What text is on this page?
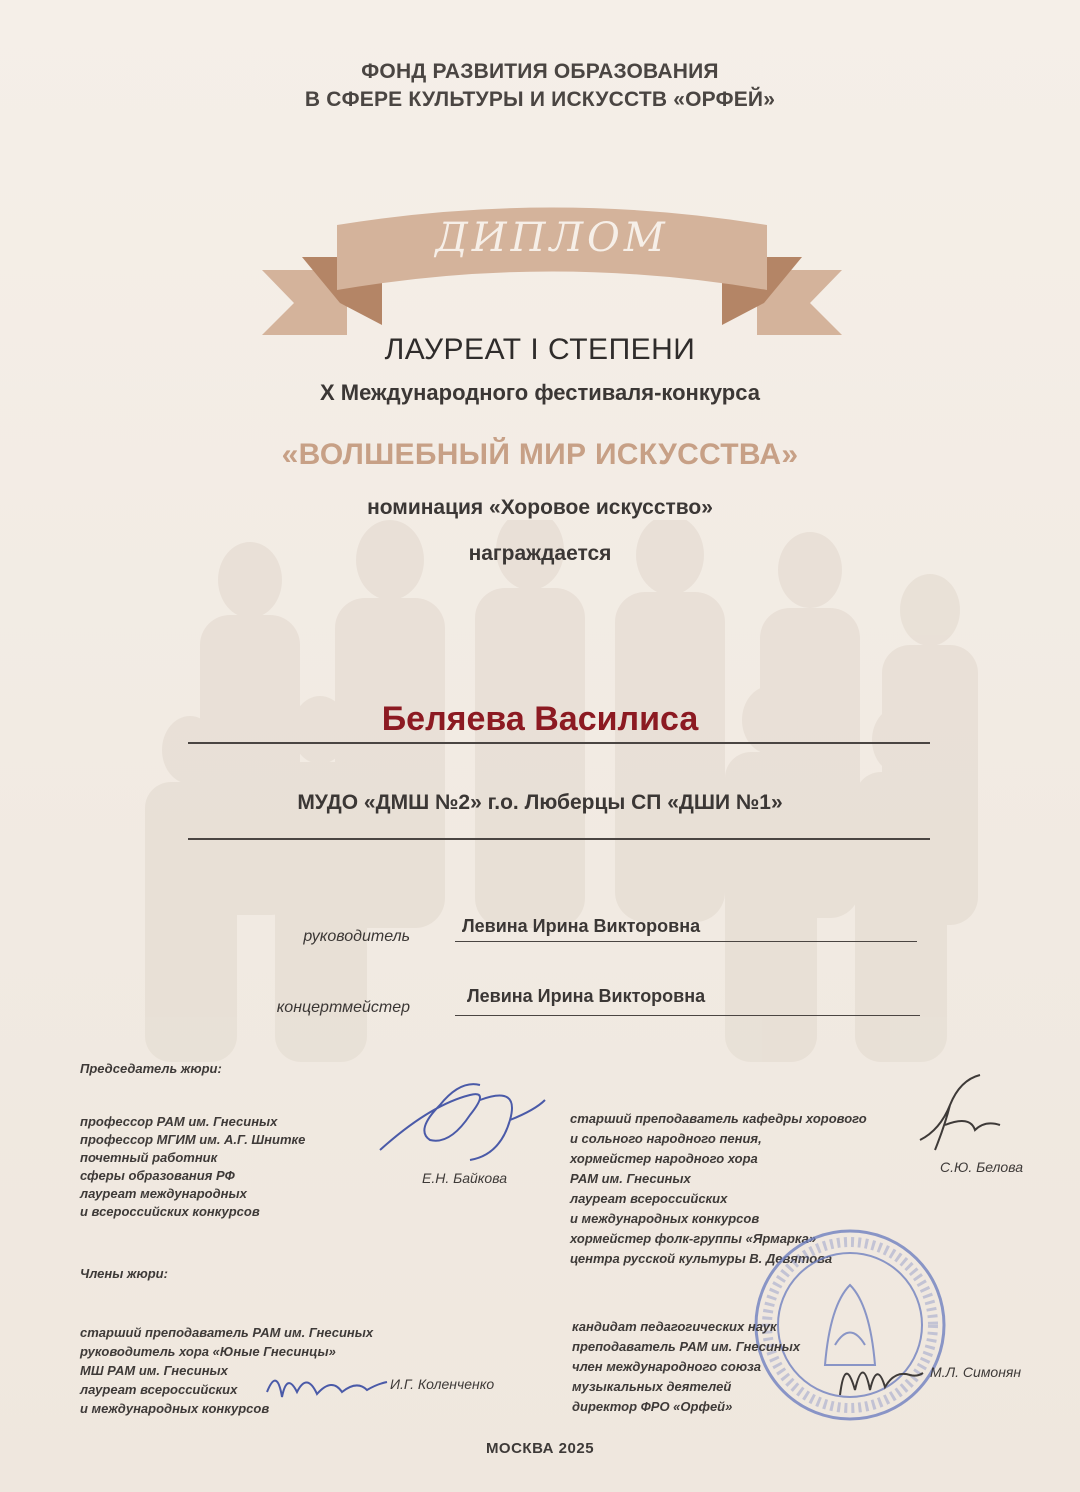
ФОНД РАЗВИТИЯ ОБРАЗОВАНИЯ
В СФЕРЕ КУЛЬТУРЫ И ИСКУССТВ «ОРФЕЙ»
ДИПЛОМ
ЛАУРЕАТ I СТЕПЕНИ
X Международного фестиваля-конкурса
«ВОЛШЕБНЫЙ МИР ИСКУССТВА»
номинация «Хоровое искусство»
награждается
Беляева Василиса
МУДО «ДМШ №2» г.о. Люберцы СП «ДШИ №1»
руководитель
Левина Ирина Викторовна
концертмейстер
Левина Ирина Викторовна
Председатель жюри:
профессор РАМ им. Гнесиных
профессор МГИМ им. А.Г. Шнитке
почетный работник
сферы образования РФ
лауреат международных
и всероссийских конкурсов
Е.Н. Байкова
старший преподаватель кафедры хорового
и сольного народного пения,
хормейстер народного хора
РАМ им. Гнесиных
лауреат всероссийских
и международных конкурсов
хормейстер фолк-группы «Ярмарка»
центра русской культуры В. Девятова
С.Ю. Белова
Члены жюри:
старший преподаватель РАМ им. Гнесиных
руководитель хора «Юные Гнесинцы»
МШ РАМ им. Гнесиных
лауреат всероссийских
и международных конкурсов
И.Г. Коленченко
кандидат педагогических наук
преподаватель РАМ им. Гнесиных
член международного союза
музыкальных деятелей
директор ФРО «Орфей»
М.Л. Симонян
МОСКВА 2025
